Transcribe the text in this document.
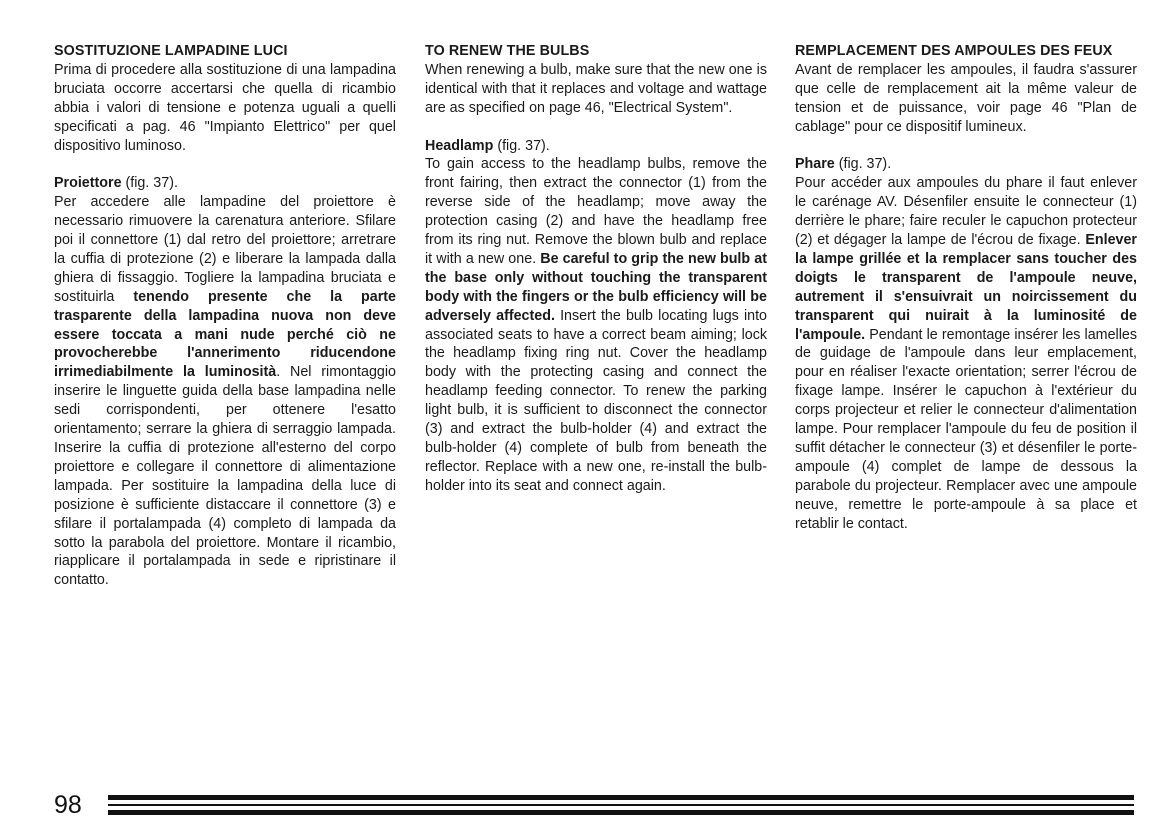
SOSTITUZIONE LAMPADINE LUCI

Prima di procedere alla sostituzione di una lampadina bruciata occorre accertarsi che quella di ricambio abbia i valori di tensione e potenza uguali a quelli specificati a pag. 46 "Impianto Elettrico" per quel dispositivo luminoso.

Proiettore (fig. 37).

Per accedere alle lampadine del proiettore è necessario rimuovere la carenatura anteriore. Sfilare poi il connettore (1) dal retro del proiettore; arretrare la cuffia di protezione (2) e liberare la lampada dalla ghiera di fissaggio. Togliere la lampadina bruciata e sostituirla tenendo presente che la parte trasparente della lampadina nuova non deve essere toccata a mani nude perché ciò ne provocherebbe l'annerimento riducendone irrimediabilmente la luminosità. Nel rimontaggio inserire le linguette guida della base lampadina nelle sedi corrispondenti, per ottenere l'esatto orientamento; serrare la ghiera di serraggio lampada. Inserire la cuffia di protezione all'esterno del corpo proiettore e collegare il connettore di alimentazione lampada. Per sostituire la lampadina della luce di posizione è sufficiente distaccare il connettore (3) e sfilare il portalampada (4) completo di lampada da sotto la parabola del proiettore. Montare il ricambio, riapplicare il portalampada in sede e ripristinare il contatto.

TO RENEW THE BULBS

When renewing a bulb, make sure that the new one is identical with that it replaces and voltage and wattage are as specified on page 46, "Electrical System".

Headlamp (fig. 37).

To gain access to the headlamp bulbs, remove the front fairing, then extract the connector (1) from the reverse side of the headlamp; move away the protection casing (2) and have the headlamp free from its ring nut. Remove the blown bulb and replace it with a new one. Be careful to grip the new bulb at the base only without touching the transparent body with the fingers or the bulb efficiency will be adversely affected. Insert the bulb locating lugs into associated seats to have a correct beam aiming; lock the headlamp fixing ring nut. Cover the headlamp body with the protecting casing and connect the headlamp feeding connector. To renew the parking light bulb, it is sufficient to disconnect the connector (3) and extract the bulb-holder (4) and extract the bulb-holder (4) complete of bulb from beneath the reflector. Replace with a new one, re-install the bulb-holder into its seat and connect again.

REMPLACEMENT DES AMPOULES DES FEUX

Avant de remplacer les ampoules, il faudra s'assurer que celle de remplacement ait la même valeur de tension et de puissance, voir page 46 "Plan de cablage" pour ce dispositif lumineux.

Phare (fig. 37).

Pour accéder aux ampoules du phare il faut enlever le carénage AV. Désenfiler ensuite le connecteur (1) derrière le phare; faire reculer le capuchon protecteur (2) et dégager la lampe de l'écrou de fixage. Enlever la lampe grillée et la remplacer sans toucher des doigts le transparent de l'ampoule neuve, autrement il s'ensuivrait un noircissement du transparent qui nuirait à la luminosité de l'ampoule. Pendant le remontage insérer les lamelles de guidage de l'ampoule dans leur emplacement, pour en réaliser l'exacte orientation; serrer l'écrou de fixage lampe. Insérer le capuchon à l'extérieur du corps projecteur et relier le connecteur d'alimentation lampe. Pour remplacer l'ampoule du feu de position il suffit détacher le connecteur (3) et désenfiler le porte-ampoule (4) complet de lampe de dessous la parabole du projecteur. Remplacer avec une ampoule neuve, remettre le porte-ampoule à sa place et retablir le contact.

98
